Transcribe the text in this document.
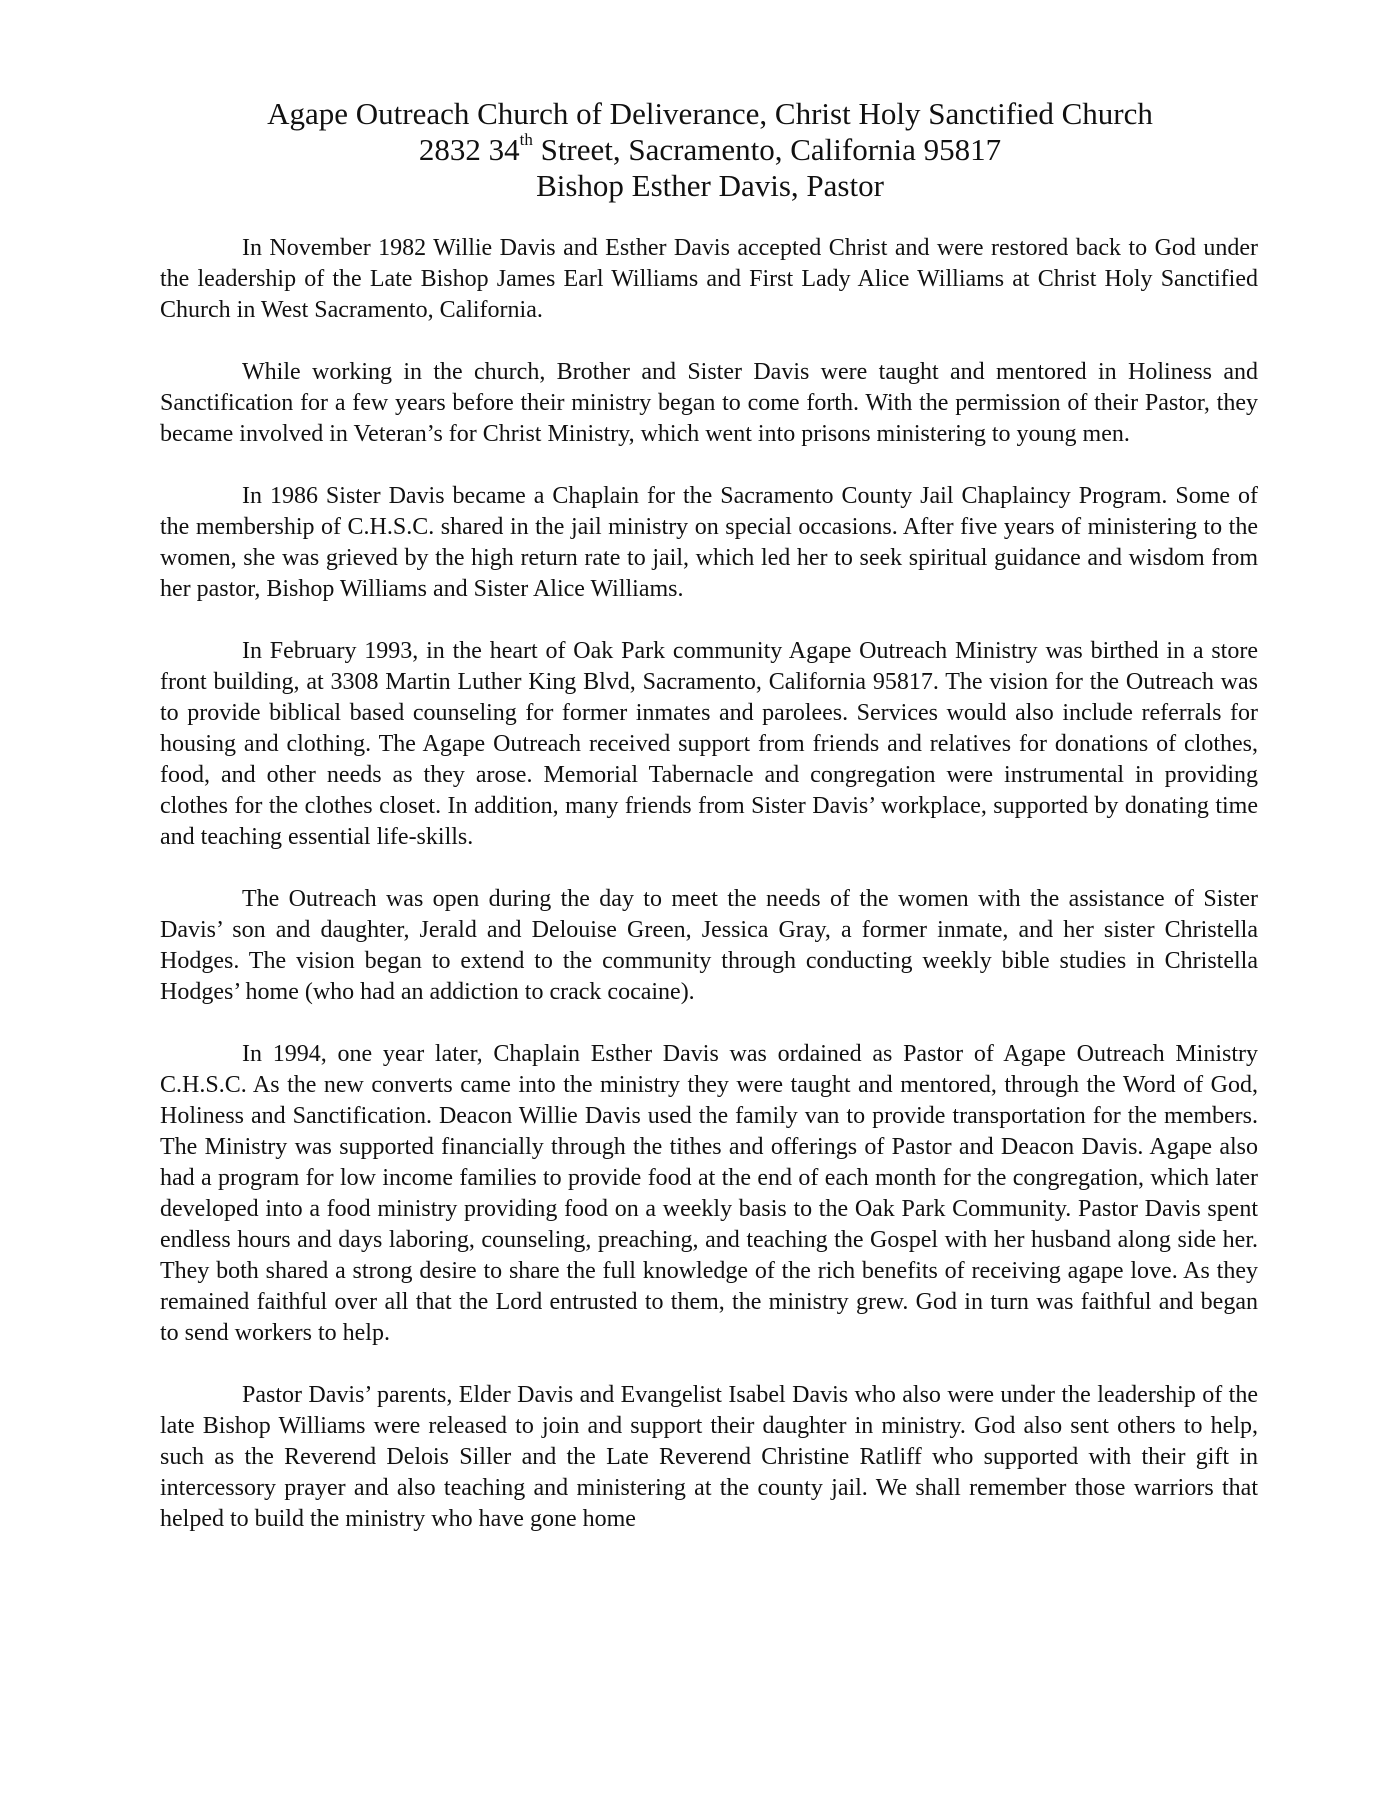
Agape Outreach Church of Deliverance, Christ Holy Sanctified Church
2832 34th Street, Sacramento, California 95817
Bishop Esther Davis, Pastor

In November 1982 Willie Davis and Esther Davis accepted Christ and were restored back to God under the leadership of the Late Bishop James Earl Williams and First Lady Alice Williams at Christ Holy Sanctified Church in West Sacramento, California.

While working in the church, Brother and Sister Davis were taught and mentored in Holiness and Sanctification for a few years before their ministry began to come forth. With the permission of their Pastor, they became involved in Veteran’s for Christ Ministry, which went into prisons ministering to young men.

In 1986 Sister Davis became a Chaplain for the Sacramento County Jail Chaplaincy Program. Some of the membership of C.H.S.C. shared in the jail ministry on special occasions. After five years of ministering to the women, she was grieved by the high return rate to jail, which led her to seek spiritual guidance and wisdom from her pastor, Bishop Williams and Sister Alice Williams.

In February 1993, in the heart of Oak Park community Agape Outreach Ministry was birthed in a store front building, at 3308 Martin Luther King Blvd, Sacramento, California 95817. The vision for the Outreach was to provide biblical based counseling for former inmates and parolees. Services would also include referrals for housing and clothing. The Agape Outreach received support from friends and relatives for donations of clothes, food, and other needs as they arose. Memorial Tabernacle and congregation were instrumental in providing clothes for the clothes closet. In addition, many friends from Sister Davis’ workplace, supported by donating time and teaching essential life-skills.

The Outreach was open during the day to meet the needs of the women with the assistance of Sister Davis’ son and daughter, Jerald and Delouise Green, Jessica Gray, a former inmate, and her sister Christella Hodges. The vision began to extend to the community through conducting weekly bible studies in Christella Hodges’ home (who had an addiction to crack cocaine).

In 1994, one year later, Chaplain Esther Davis was ordained as Pastor of Agape Outreach Ministry C.H.S.C. As the new converts came into the ministry they were taught and mentored, through the Word of God, Holiness and Sanctification. Deacon Willie Davis used the family van to provide transportation for the members. The Ministry was supported financially through the tithes and offerings of Pastor and Deacon Davis. Agape also had a program for low income families to provide food at the end of each month for the congregation, which later developed into a food ministry providing food on a weekly basis to the Oak Park Community. Pastor Davis spent endless hours and days laboring, counseling, preaching, and teaching the Gospel with her husband along side her. They both shared a strong desire to share the full knowledge of the rich benefits of receiving agape love. As they remained faithful over all that the Lord entrusted to them, the ministry grew. God in turn was faithful and began to send workers to help.

Pastor Davis’ parents, Elder Davis and Evangelist Isabel Davis who also were under the leadership of the late Bishop Williams were released to join and support their daughter in ministry. God also sent others to help, such as the Reverend Delois Siller and the Late Reverend Christine Ratliff who supported with their gift in intercessory prayer and also teaching and ministering at the county jail. We shall remember those warriors that helped to build the ministry who have gone home
